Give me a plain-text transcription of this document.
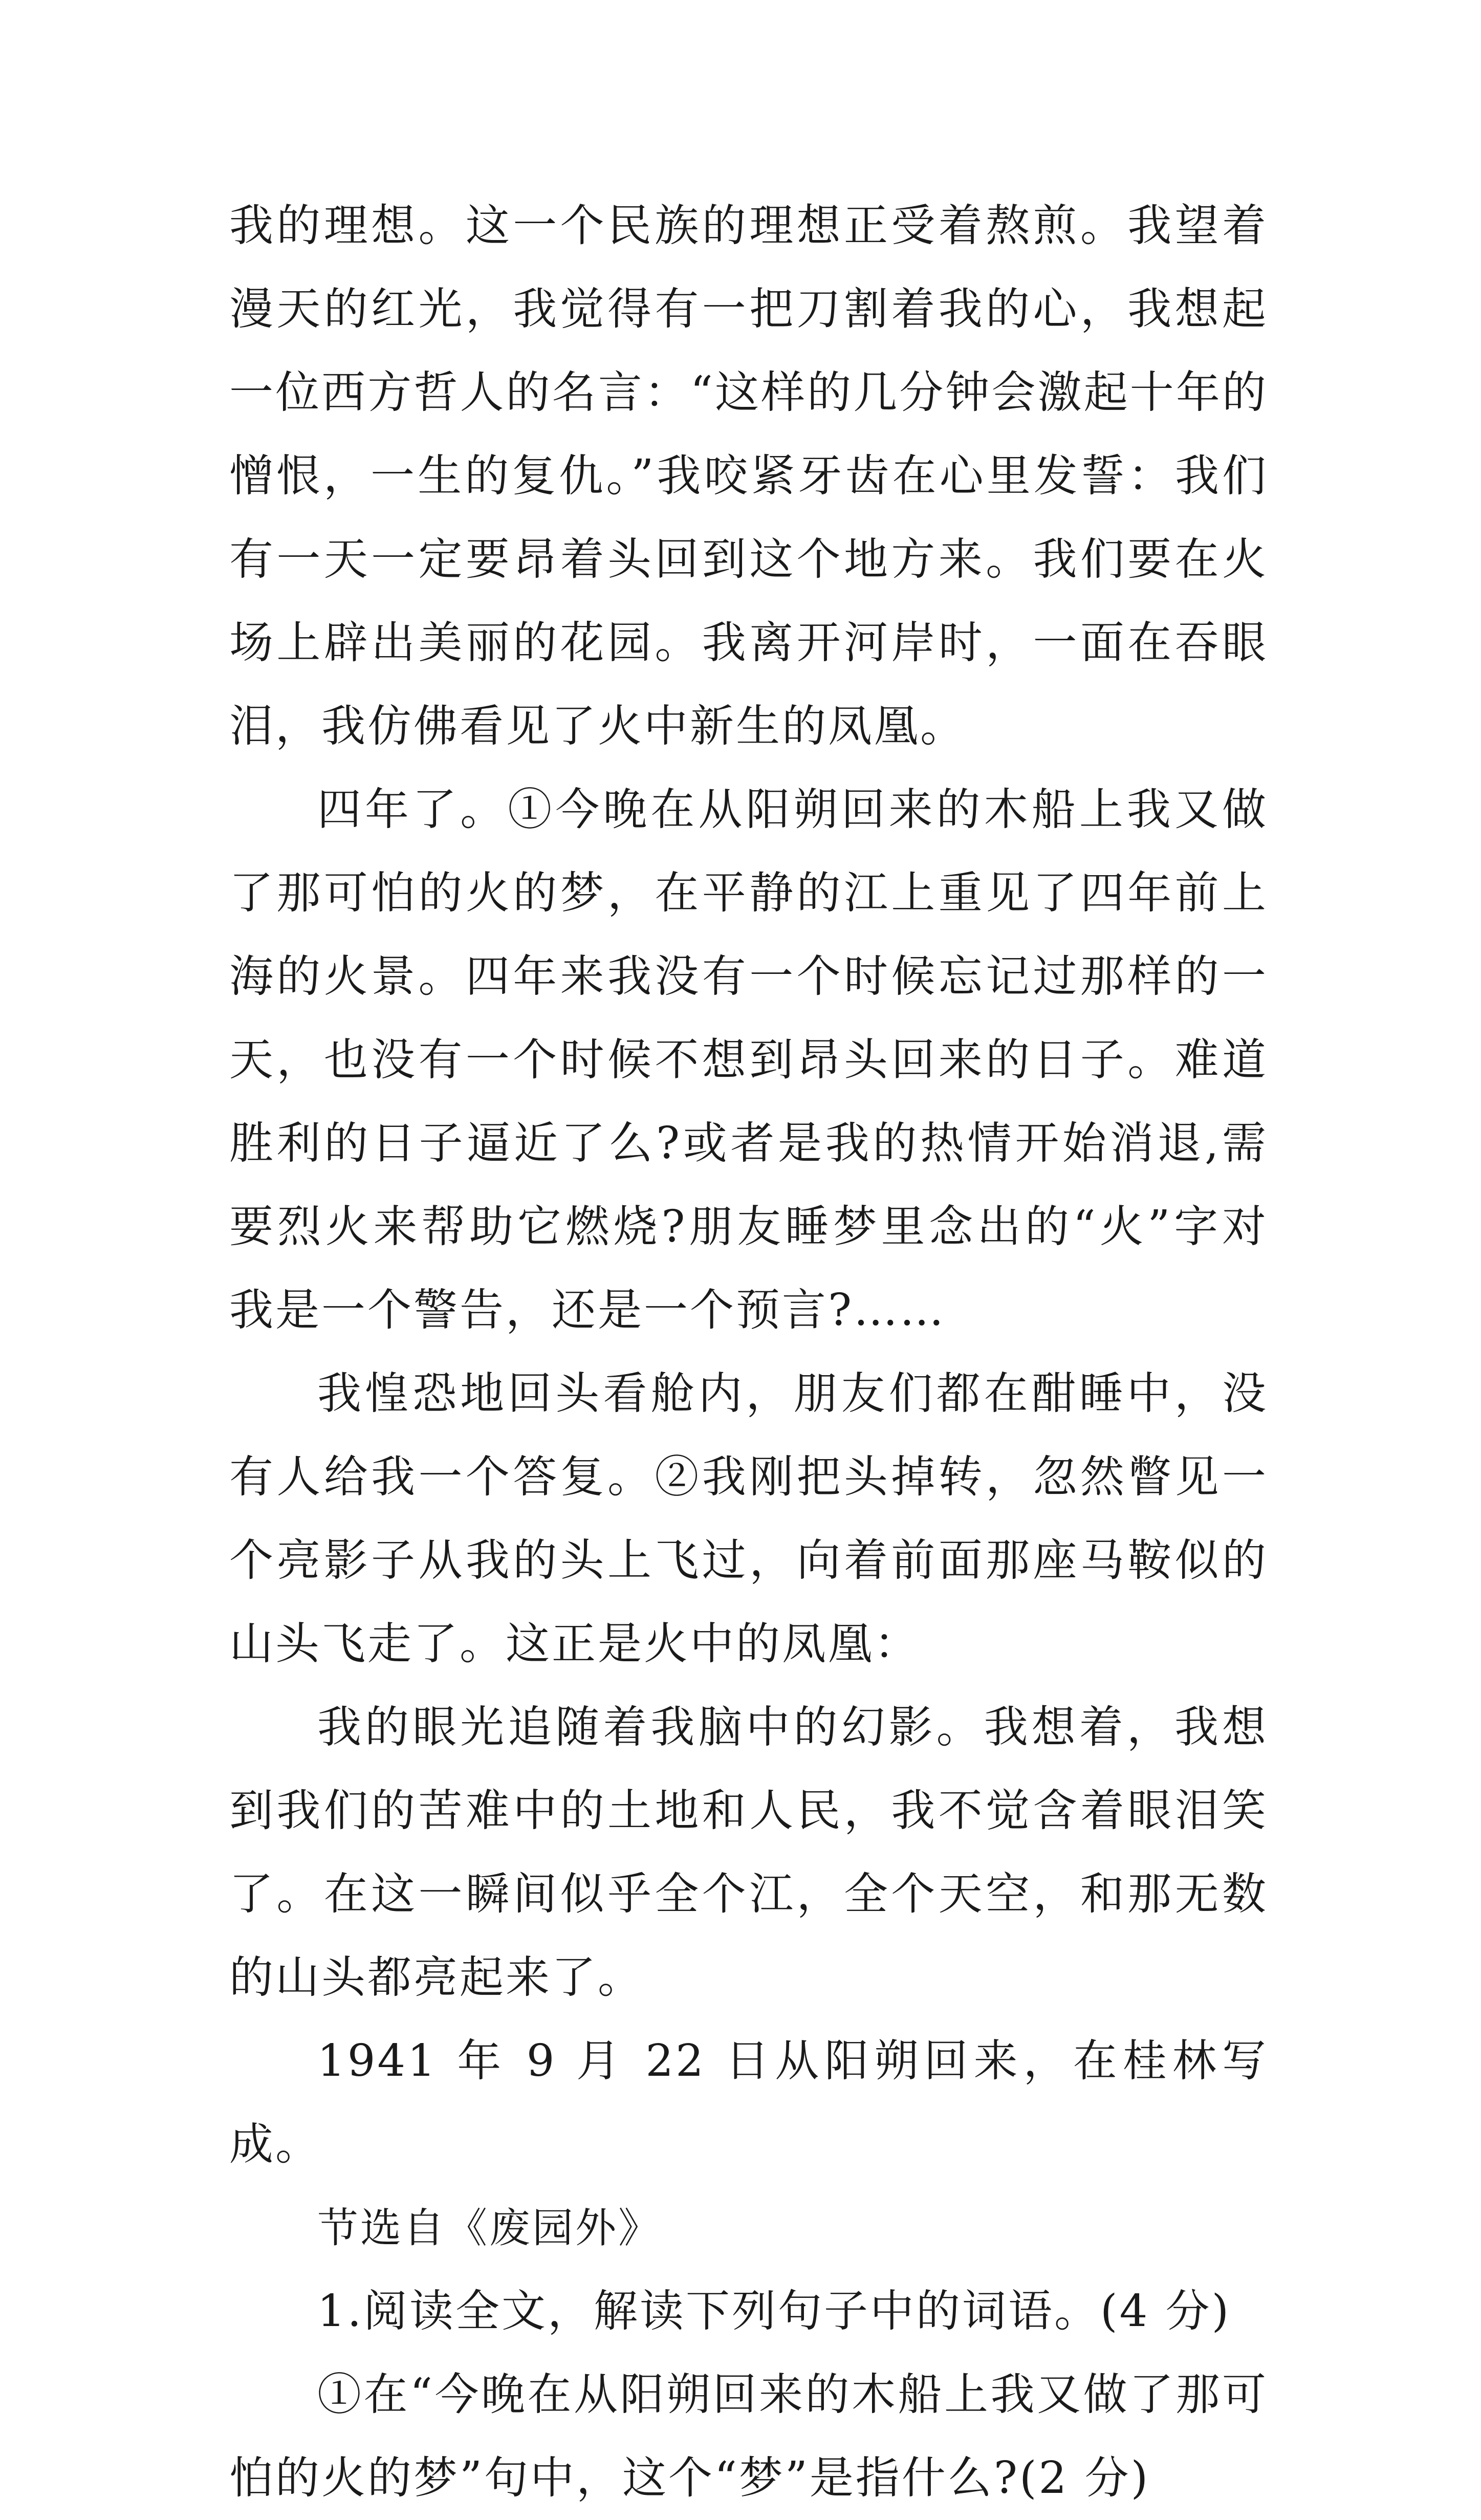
我的理想。这一个民族的理想正受着熬煎。我望着漫天的红光，我觉得有一把刀割着我的心，我想起一位西方哲人的名言：“这样的几分钟会激起十年的憎恨，一生的复仇。”我咬紧牙齿在心里发誓：我们有一天一定要昂着头回到这个地方来。我们要在火场上辟出美丽的花园。我离开河岸时，一面在吞眼泪，我仿佛看见了火中新生的凤凰。

四年了。①今晚在从阳朔回来的木船上我又做了那可怕的火的梦，在平静的江上重见了四年前上海的火景。四年来我没有一个时候忘记过那样的一天，也没有一个时候不想到昂头回来的日子。难道胜利的日子逼近了么?或者是我的热情开始消退,需要烈火来帮助它燃烧?朋友睡梦里念出的“火”字对我是一个警告，还是一个预言?……

我惶恐地回头看舱内，朋友们都在酣睡中，没有人给我一个答复。②我刚把头掉转，忽然瞥见一个亮影子从我的头上飞过，向着前面那座马鞍似的山头飞走了。这正是火中的凤凰：

我的眼光追随着我脑中的幻影。我想着，我想到我们的苦难中的土地和人民，我不觉含着眼泪笑了。在这一瞬间似乎全个江，全个天空，和那无数的山头都亮起来了。

1941 年 9 月 22 日从阳朔回来，在桂林写成。

节选自《废园外》

1.阅读全文，解读下列句子中的词语。(4 分)

①在“今晚在从阳朔回来的木船上我又做了那可怕的火的梦”句中，这个“梦”是指什么?(2 分)
